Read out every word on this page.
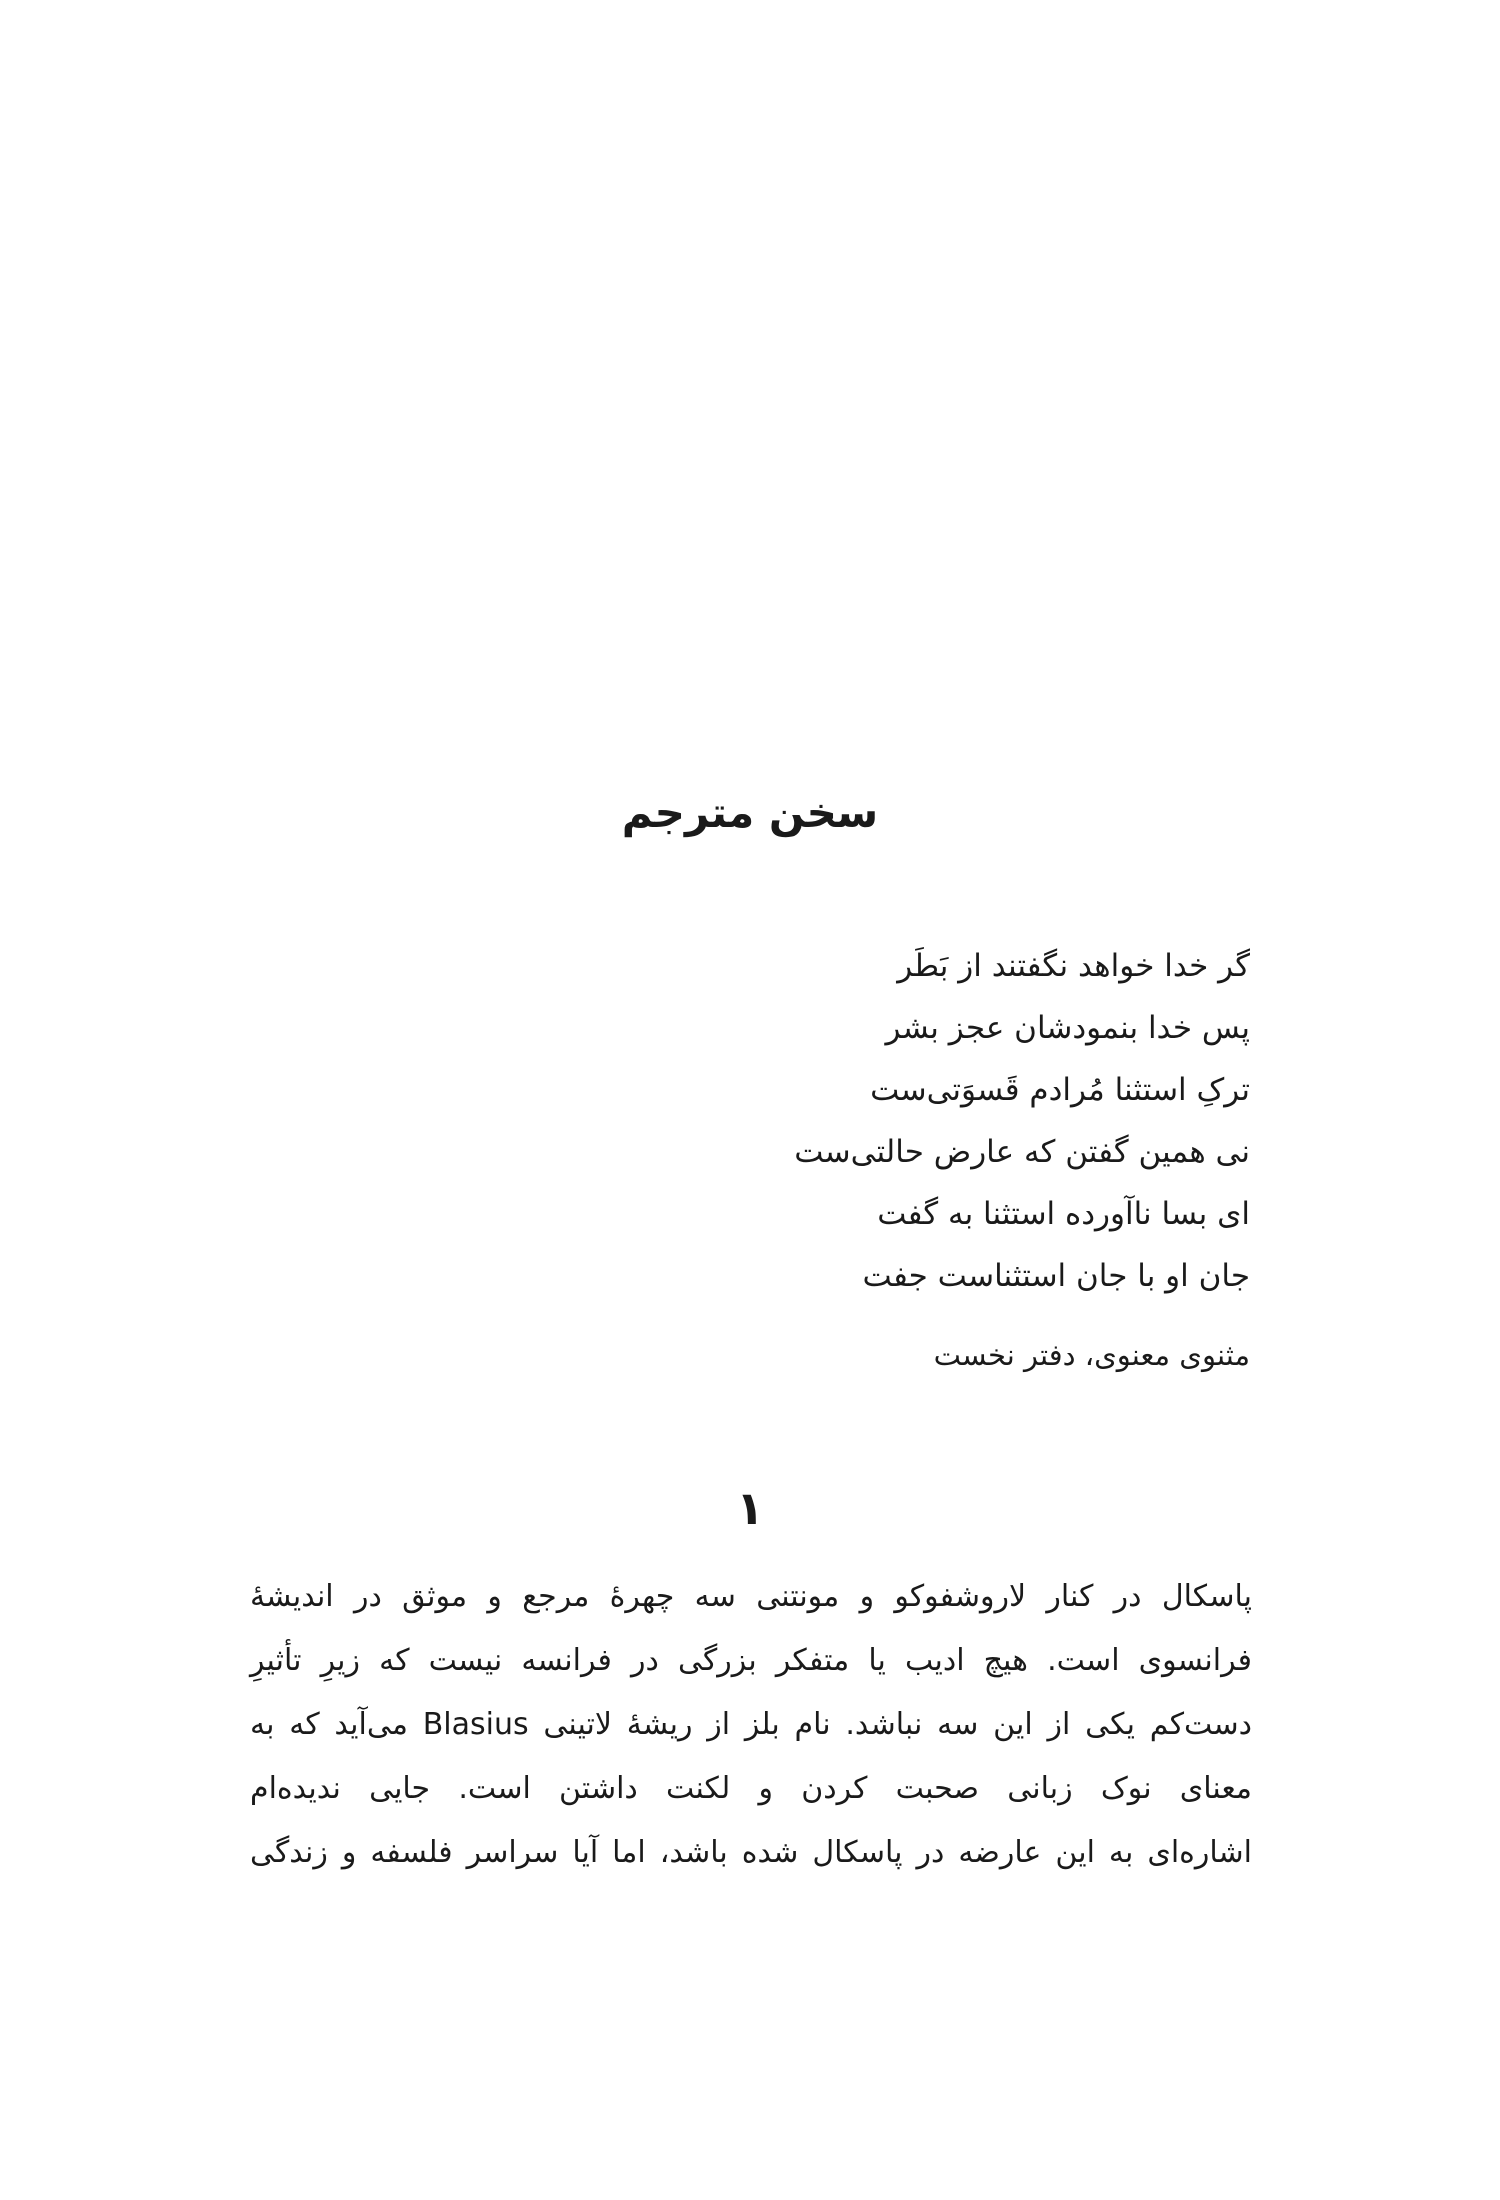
سخن مترجم
گر خدا خواهد نگفتند از بَطَر
پس خدا بنمودشان عجز بشر
ترکِ استثنا مُرادم قَسوَتی‌ست
نی همین گفتن که عارض حالتی‌ست
ای بسا ناآورده استثنا به گفت
جان او با جان استثناست جفت
مثنوی معنوی، دفتر نخست
۱
پاسکال در کنار لاروشفوکو و مونتنی سه چهرهٔ مرجع و موثق در اندیشهٔ
فرانسوی است. هیچ ادیب یا متفکر بزرگی در فرانسه نیست که زیرِ تأثیرِ
دست‌کم یکی از این سه نباشد. نام بلز از ریشهٔ لاتینی Blasius می‌آید که به
معنای نوک زبانی صحبت کردن و لکنت داشتن است. جایی ندیده‌ام
اشاره‌ای به این عارضه در پاسکال شده باشد، اما آیا سراسر فلسفه و زندگی
